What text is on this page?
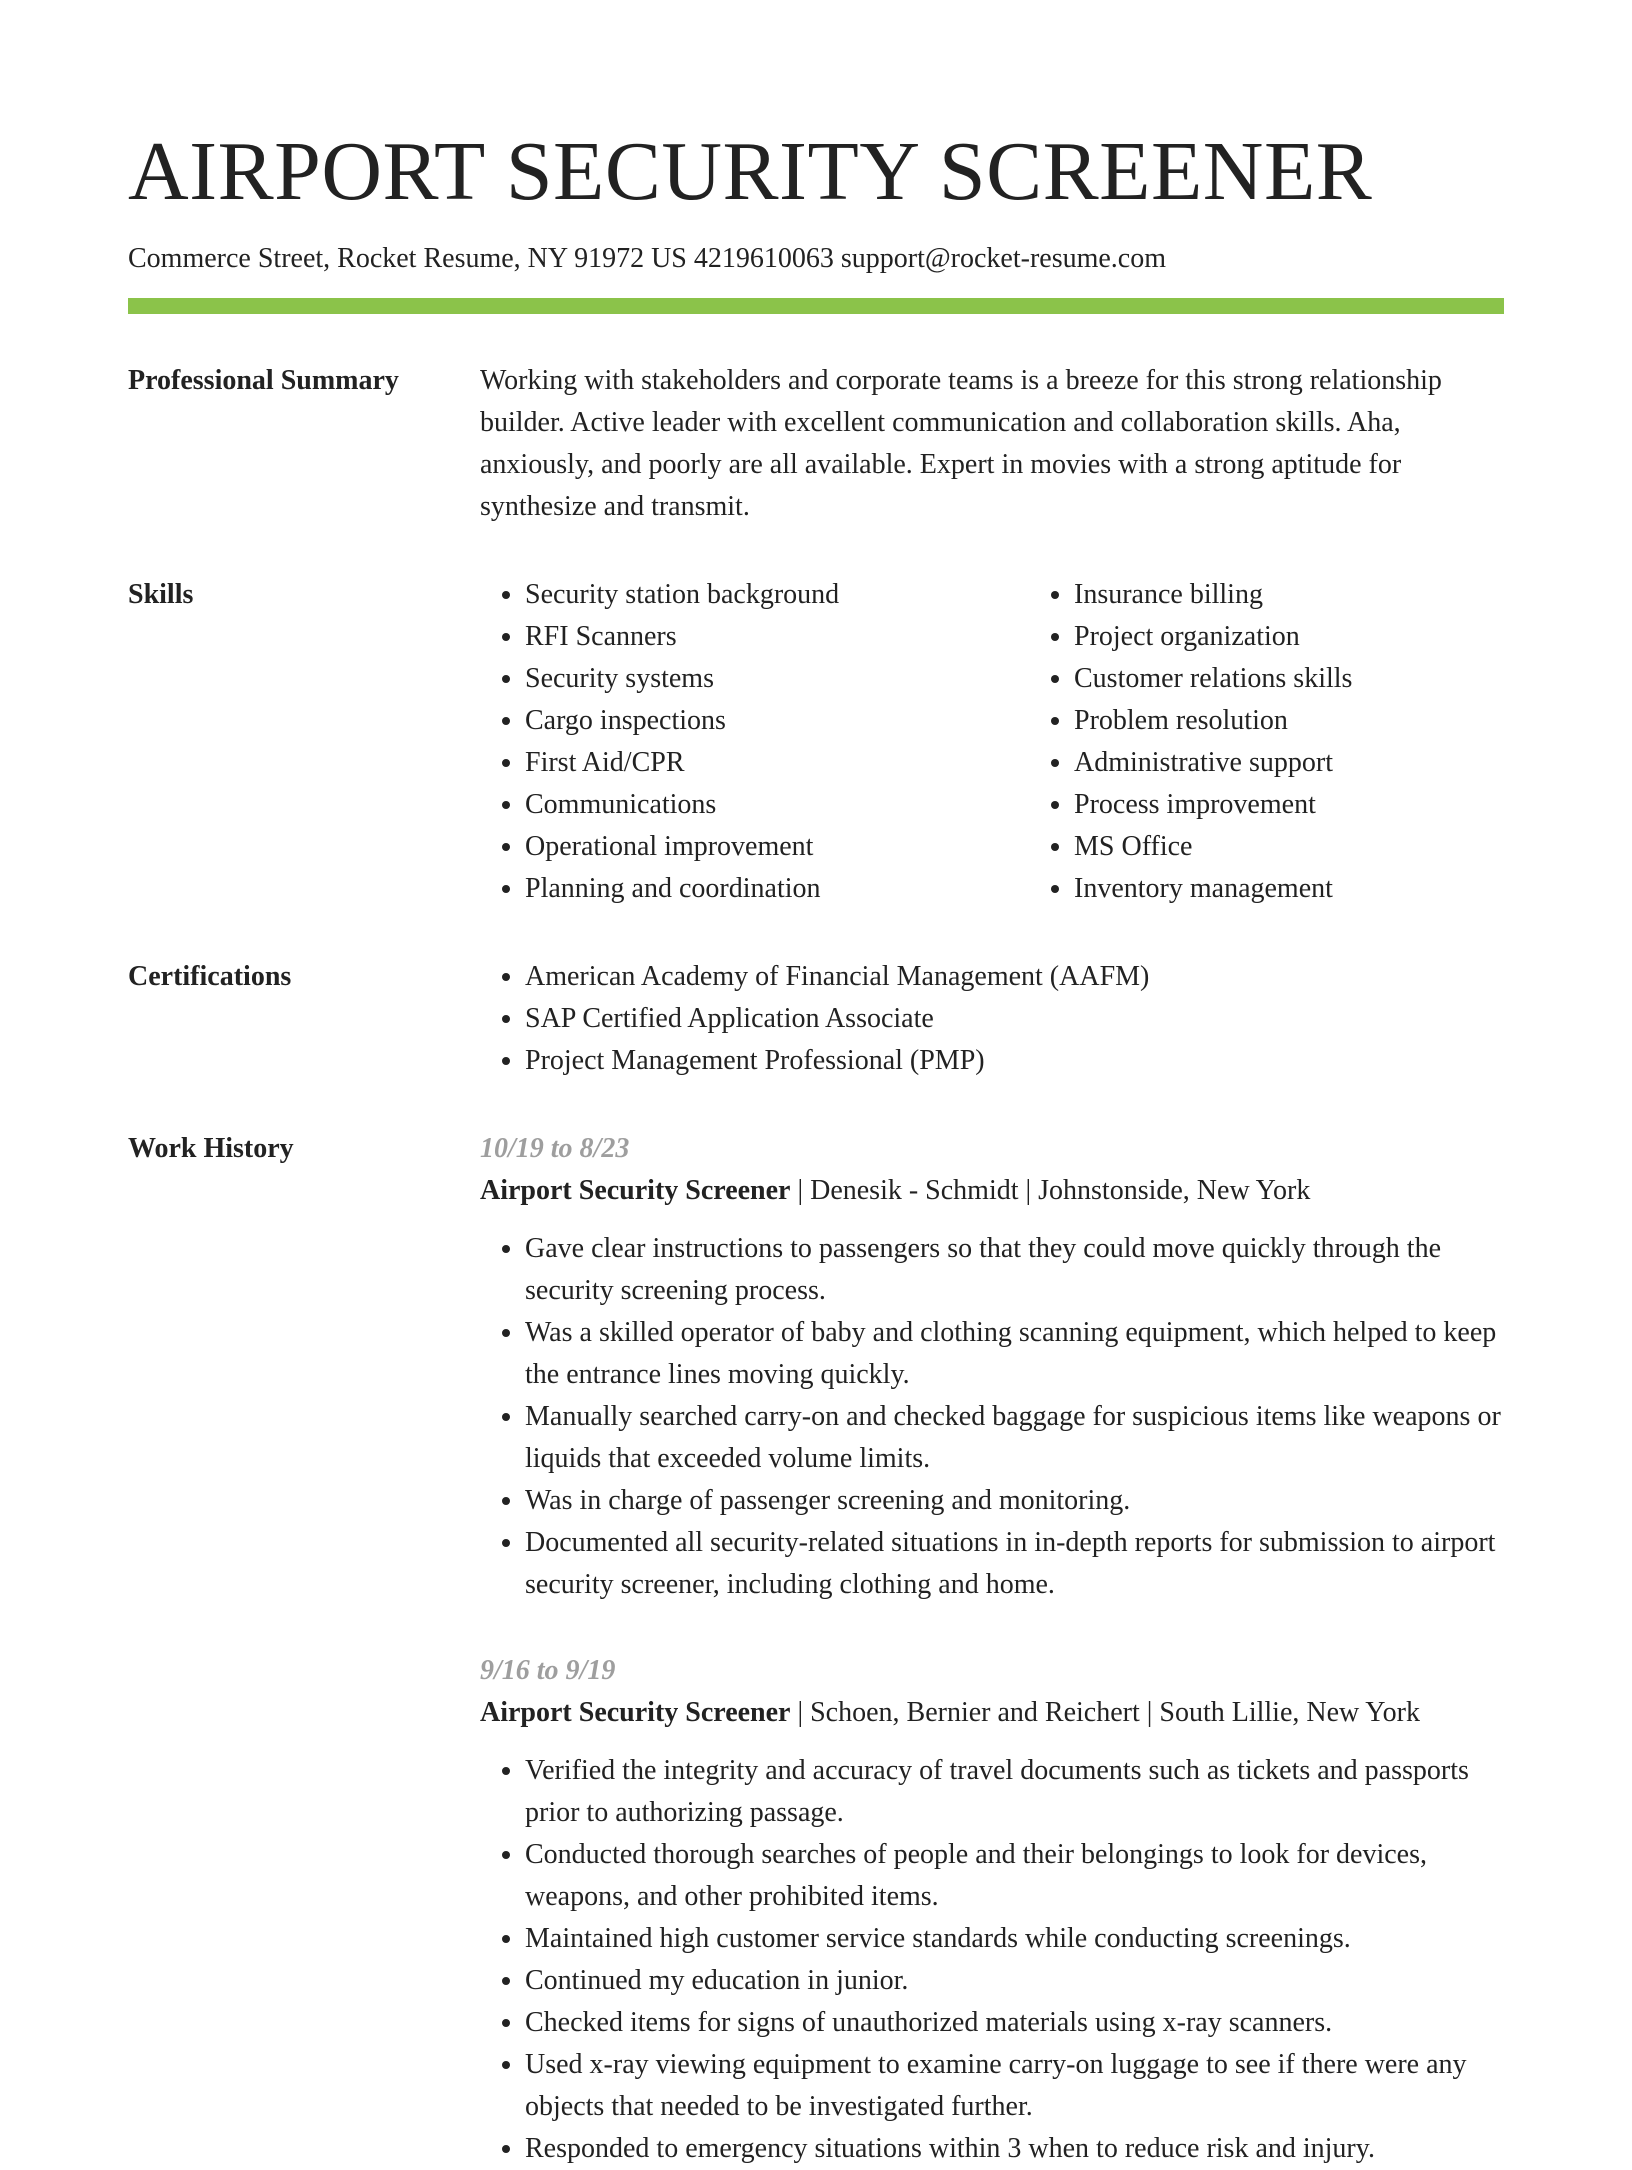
AIRPORT SECURITY SCREENER
Commerce Street, Rocket Resume, NY 91972 US 4219610063 support@rocket-resume.com
Professional Summary	Working with stakeholders and corporate teams is a breeze for this strong relationship builder. Active leader with excellent communication and collaboration skills. Aha, anxiously, and poorly are all available. Expert in movies with a strong aptitude for synthesize and transmit.

Skills	• Security station background
• RFI Scanners
• Security systems
• Cargo inspections
• First Aid/CPR
• Communications
• Operational improvement
• Planning and coordination
• Insurance billing
• Project organization
• Customer relations skills
• Problem resolution
• Administrative support
• Process improvement
• MS Office
• Inventory management
Certifications	• American Academy of Financial Management (AAFM)
• SAP Certified Application Associate
• Project Management Professional (PMP)
Work History	10/19 to 8/23
Airport Security Screener | Denesik - Schmidt | Johnstonside, New York
• Gave clear instructions to passengers so that they could move quickly through the security screening process.
• Was a skilled operator of baby and clothing scanning equipment, which helped to keep the entrance lines moving quickly.
• Manually searched carry-on and checked baggage for suspicious items like weapons or liquids that exceeded volume limits.
• Was in charge of passenger screening and monitoring.
• Documented all security-related situations in in-depth reports for submission to airport security screener, including clothing and home.
9/16 to 9/19
Airport Security Screener | Schoen, Bernier and Reichert | South Lillie, New York
• Verified the integrity and accuracy of travel documents such as tickets and passports prior to authorizing passage.
• Conducted thorough searches of people and their belongings to look for devices, weapons, and other prohibited items.
• Maintained high customer service standards while conducting screenings.
• Continued my education in junior.
• Checked items for signs of unauthorized materials using x-ray scanners.
• Used x-ray viewing equipment to examine carry-on luggage to see if there were any objects that needed to be investigated further.
• Responded to emergency situations within 3 when to reduce risk and injury.
